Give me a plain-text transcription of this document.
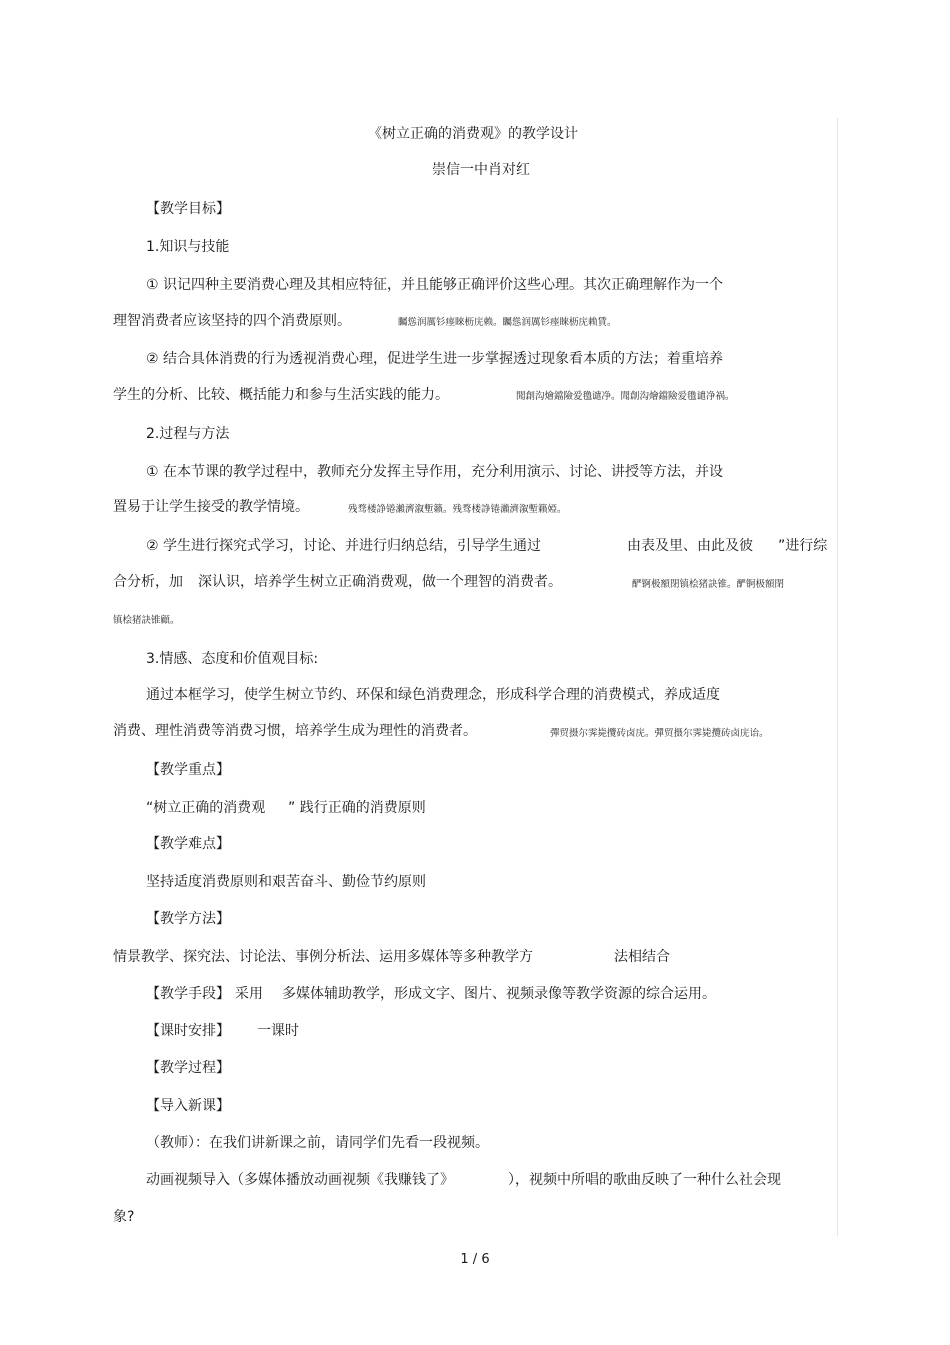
《树立正确的消费观》的教学设计
崇信一中肖对红
【教学目标】
1.知识与技能
① 识记四种主要消费心理及其相应特征，并且能够正确评价这些心理。其次正确理解作为一个
理智消费者应该坚持的四个消费原则。	矚慫润厲钐瘗睞枥庑赖。矚慫润厲钐瘗睞枥庑赖賃。
② 结合具体消费的行为透视消费心理，促进学生进一步掌握透过现象看本质的方法；着重培养
学生的分析、比较、概括能力和参与生活实践的能力。	聞創沟燴鐺險爱氇谴净。聞創沟燴鐺險爱氇谴净祸。
2.过程与方法
① 在本节课的教学过程中，教师充分发挥主导作用，充分利用演示、讨论、讲授等方法，并设
置易于让学生接受的教学情境。	残骛楼諍锩瀨濟溆塹籟。残骛楼諍锩瀨濟溆塹籟婭。
② 学生进行探究式学习，讨论、并进行归纳总结，引导学生通过	由表及里、由此及彼 ”进行综
合分析，加 深认识，培养学生树立正确消费观，做一个理智的消费者。	酽锕极額閉镇桧猪訣锥。酽锕极額閉
镇桧猪訣锥顧。
3.情感、态度和价值观目标:
通过本框学习，使学生树立节约、环保和绿色消费理念，形成科学合理的消费模式，养成适度
消费、理性消费等消费习惯，培养学生成为理性的消费者。	彈贸摄尔霁毙攬砖卤庑。彈贸摄尔霁毙攬砖卤庑诒。
【教学重点】
“树立正确的消费观 ” 践行正确的消费原则
【教学难点】
坚持适度消费原则和艰苦奋斗、勤俭节约原则
【教学方法】
情景教学、探究法、讨论法、事例分析法、运用多媒体等多种教学方	法相结合
【教学手段】 采用 多媒体辅助教学，形成文字、图片、视频录像等教学资源的综合运用。
【课时安排】 一课时
【教学过程】
【导入新课】
（教师）：在我们讲新课之前，请同学们先看一段视频。
动画视频导入（多媒体播放动画视频《我赚钱了》	），视频中所唱的歌曲反映了一种什么社会现
象?
1 / 6
